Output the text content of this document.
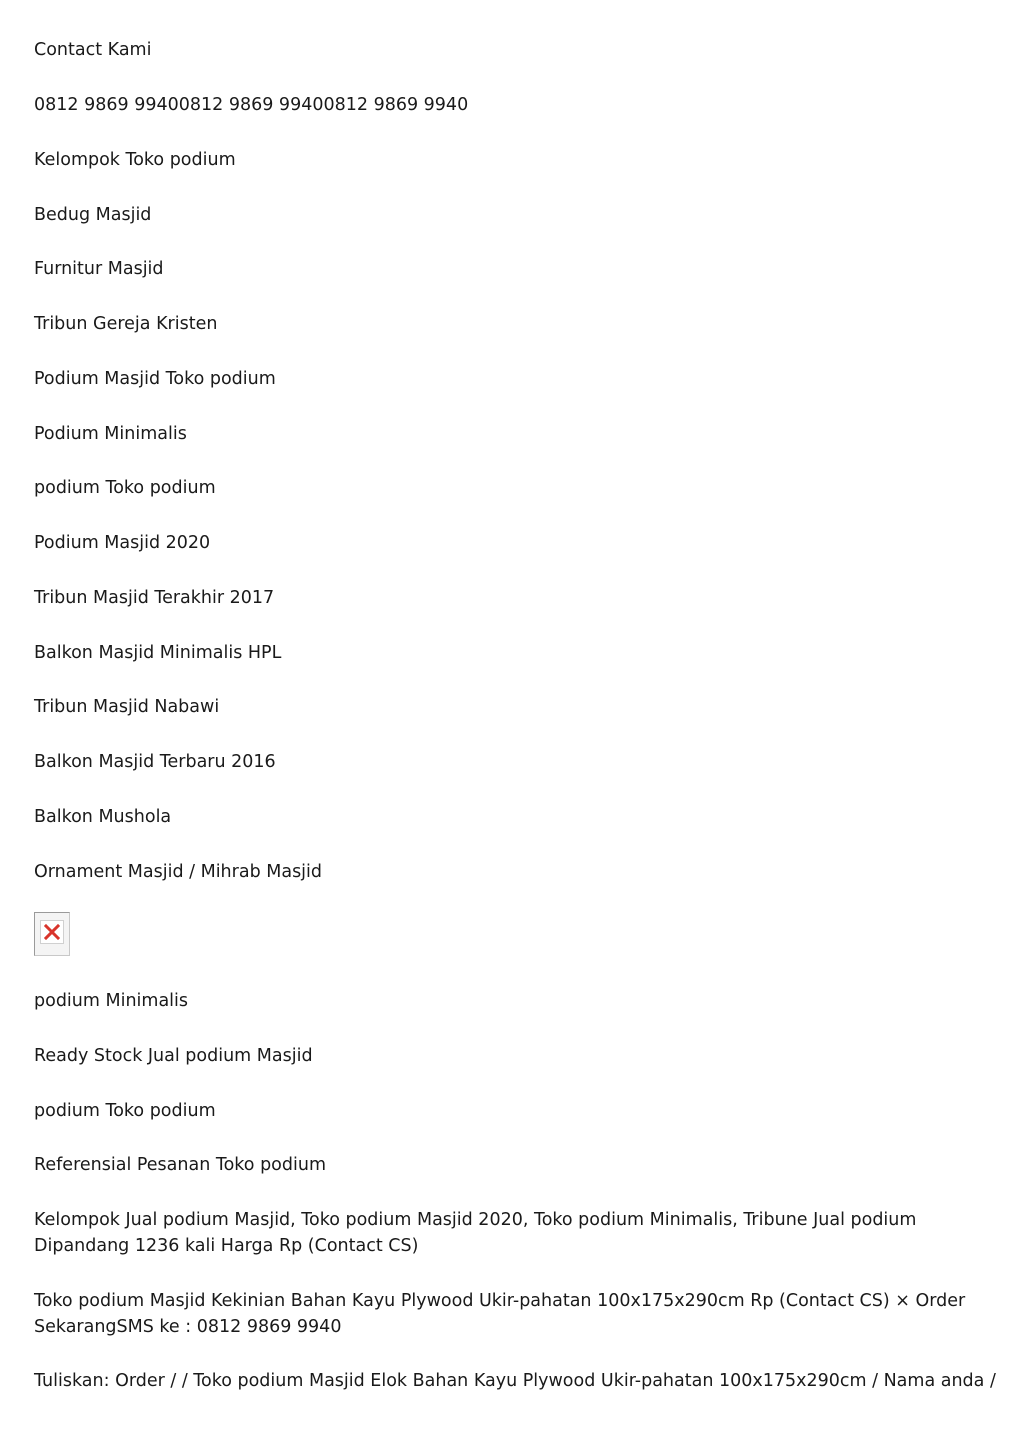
Contact Kami
0812 9869 99400812 9869 99400812 9869 9940
Kelompok Toko podium
Bedug Masjid
Furnitur Masjid
Tribun Gereja Kristen
Podium Masjid Toko podium
Podium Minimalis
podium Toko podium
Podium Masjid 2020
Tribun Masjid Terakhir 2017
Balkon Masjid Minimalis HPL
Tribun Masjid Nabawi
Balkon Masjid Terbaru 2016
Balkon Mushola
Ornament Masjid / Mihrab Masjid
podium Minimalis
Ready Stock Jual podium Masjid
podium Toko podium
Referensial Pesanan Toko podium
Kelompok Jual podium Masjid, Toko podium Masjid 2020, Toko podium Minimalis, Tribune Jual podium Dipandang 1236 kali Harga Rp (Contact CS)
Toko podium Masjid Kekinian Bahan Kayu Plywood Ukir-pahatan 100x175x290cm Rp (Contact CS) × Order SekarangSMS ke : 0812 9869 9940
Tuliskan: Order / / Toko podium Masjid Elok Bahan Kayu Plywood Ukir-pahatan 100x175x290cm / Nama anda /
